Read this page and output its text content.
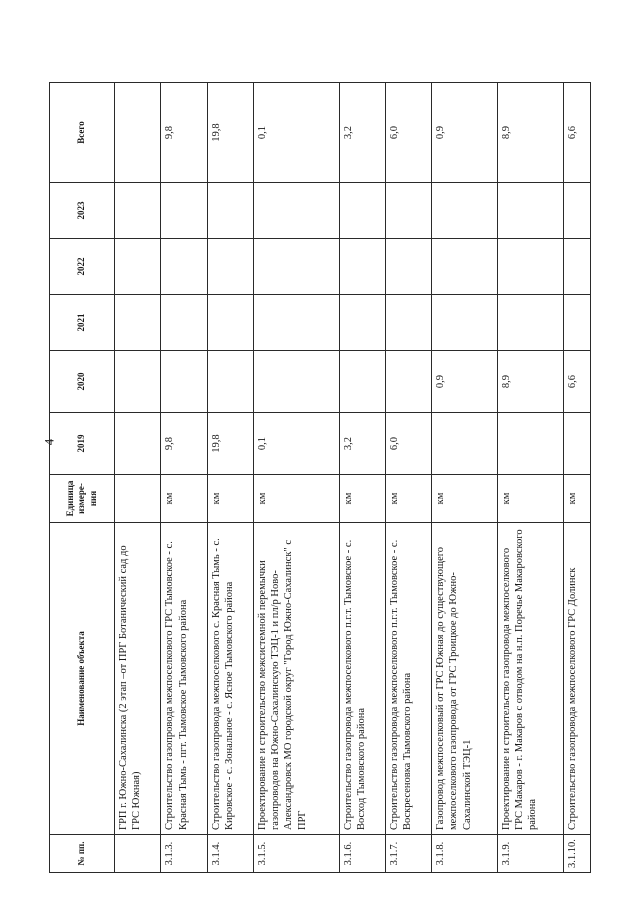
4
№ пп.	Наименование объекта	Единица измере-ния	2019	2020	2021	2022	2023	Всего
	ГРП г. Южно-Сахалинска (2 этап –от ПРГ Ботанический сад до ГРС Южная)							
3.1.3.	Строительство газопровода межпоселкового ГРС Тымовское - с. Красная Тымь - пгт. Тымовское Тымовского района	км	9,8					9,8
3.1.4.	Строительство газопровода межпоселкового с. Красная Тымь - с. Кировское - с. Зональное - с. Ясное Тымовского района	км	19,8					19,8
3.1.5.	Проектирование и строительство межсистемной перемычки газопроводов на Южно-Сахалинскую ТЭЦ-1 и пл/р Ново-Александровск МО городской округ "Город Южно-Сахалинск" с ПРГ	км	0,1					0,1
3.1.6.	Строительство газопровода межпоселкового п.г.т. Тымовское - с. Восход Тымовского района	км	3,2					3,2
3.1.7.	Строительство газопровода межпоселкового п.г.т. Тымовское - с. Воскресеновка Тымовского района	км	6,0					6,0
3.1.8.	Газопровод межпоселковый от ГРС Южная до существующего межпоселкового газопровода от ГРС Троицкое до Южно-Сахалинской ТЭЦ-1	км		0,9				0,9
3.1.9.	Проектирование и строительство газопровода межпоселкового ГРС Макаров - г. Макаров с отводом на н.п. Поречье Макаровского района	км		8,9				8,9
3.1.10.	Строительство газопровода межпоселкового ГРС Долинск	км		6,6				6,6
